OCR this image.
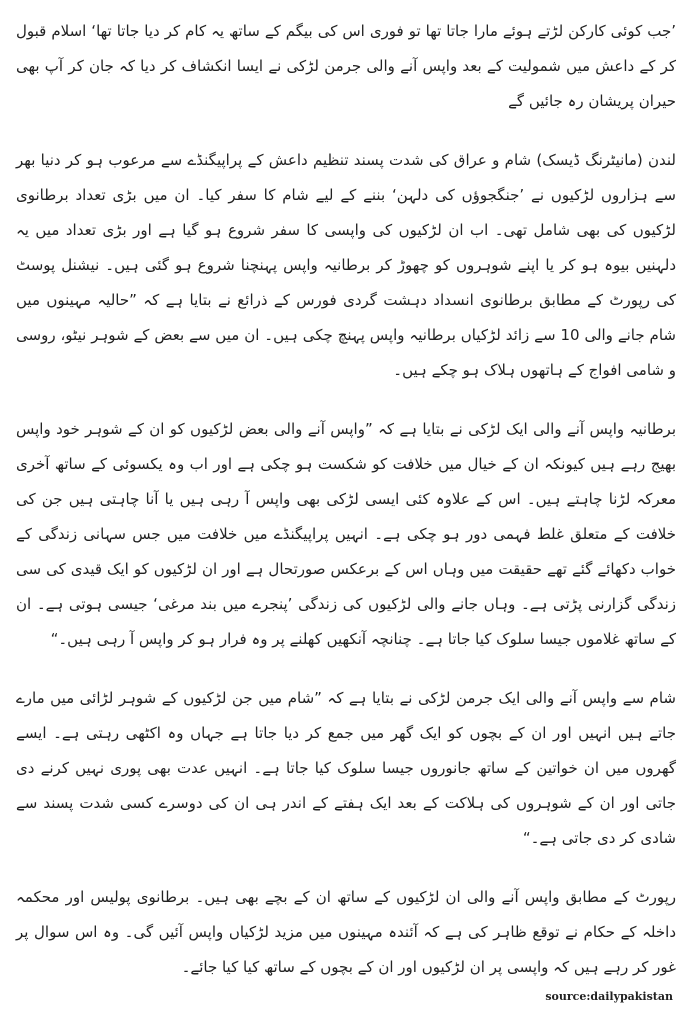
’جب کوئی کارکن لڑتے ہوئے مارا جاتا تھا تو فوری اس کی بیگم کے ساتھ یہ کام کر دیا جاتا تھا‘ اسلام قبول کر کے داعش میں شمولیت کے بعد واپس آنے والی جرمن لڑکی نے ایسا انکشاف کر دیا کہ جان کر آپ بھی حیران پریشان رہ جائیں گے

لندن (مانیٹرنگ ڈیسک) شام و عراق کی شدت پسند تنظیم داعش کے پراپیگنڈے سے مرعوب ہو کر دنیا بھر سے ہزاروں لڑکیوں نے ’جنگجوؤں کی دلہن‘ بننے کے لیے شام کا سفر کیا۔ ان میں بڑی تعداد برطانوی لڑکیوں کی بھی شامل تھی۔ اب ان لڑکیوں کی واپسی کا سفر شروع ہو گیا ہے اور بڑی تعداد میں یہ دلہنیں بیوہ ہو کر یا اپنے شوہروں کو چھوڑ کر برطانیہ واپس پہنچنا شروع ہو گئی ہیں۔ نیشنل پوسٹ کی رپورٹ کے مطابق برطانوی انسداد دہشت گردی فورس کے ذرائع نے بتایا ہے کہ ”حالیہ مہینوں میں شام جانے والی 10 سے زائد لڑکیاں برطانیہ واپس پہنچ چکی ہیں۔ ان میں سے بعض کے شوہر نیٹو، روسی و شامی افواج کے ہاتھوں ہلاک ہو چکے ہیں۔

برطانیہ واپس آنے والی ایک لڑکی نے بتایا ہے کہ ”واپس آنے والی بعض لڑکیوں کو ان کے شوہر خود واپس بھیج رہے ہیں کیونکہ ان کے خیال میں خلافت کو شکست ہو چکی ہے اور اب وہ یکسوئی کے ساتھ آخری معرکہ لڑنا چاہتے ہیں۔ اس کے علاوہ کئی ایسی لڑکی بھی واپس آ رہی ہیں یا آنا چاہتی ہیں جن کی خلافت کے متعلق غلط فہمی دور ہو چکی ہے۔ انہیں پراپیگنڈے میں خلافت میں جس سہانی زندگی کے خواب دکھائے گئے تھے حقیقت میں وہاں اس کے برعکس صورتحال ہے اور ان لڑکیوں کو ایک قیدی کی سی زندگی گزارنی پڑتی ہے۔ وہاں جانے والی لڑکیوں کی زندگی ’پنجرے میں بند مرغی‘ جیسی ہوتی ہے۔ ان کے ساتھ غلاموں جیسا سلوک کیا جاتا ہے۔ چنانچہ آنکھیں کھلنے پر وہ فرار ہو کر واپس آ رہی ہیں۔“

شام سے واپس آنے والی ایک جرمن لڑکی نے بتایا ہے کہ ”شام میں جن لڑکیوں کے شوہر لڑائی میں مارے جاتے ہیں انہیں اور ان کے بچوں کو ایک گھر میں جمع کر دیا جاتا ہے جہاں وہ اکٹھی رہتی ہے۔ ایسے گھروں میں ان خواتین کے ساتھ جانوروں جیسا سلوک کیا جاتا ہے۔ انہیں عدت بھی پوری نہیں کرنے دی جاتی اور ان کے شوہروں کی ہلاکت کے بعد ایک ہفتے کے اندر ہی ان کی دوسرے کسی شدت پسند سے شادی کر دی جاتی ہے۔“

رپورٹ کے مطابق واپس آنے والی ان لڑکیوں کے ساتھ ان کے بچے بھی ہیں۔ برطانوی پولیس اور محکمہ داخلہ کے حکام نے توقع ظاہر کی ہے کہ آئندہ مہینوں میں مزید لڑکیاں واپس آئیں گی۔ وہ اس سوال پر غور کر رہے ہیں کہ واپسی پر ان لڑکیوں اور ان کے بچوں کے ساتھ کیا کیا جائے۔

source:dailypakistan
